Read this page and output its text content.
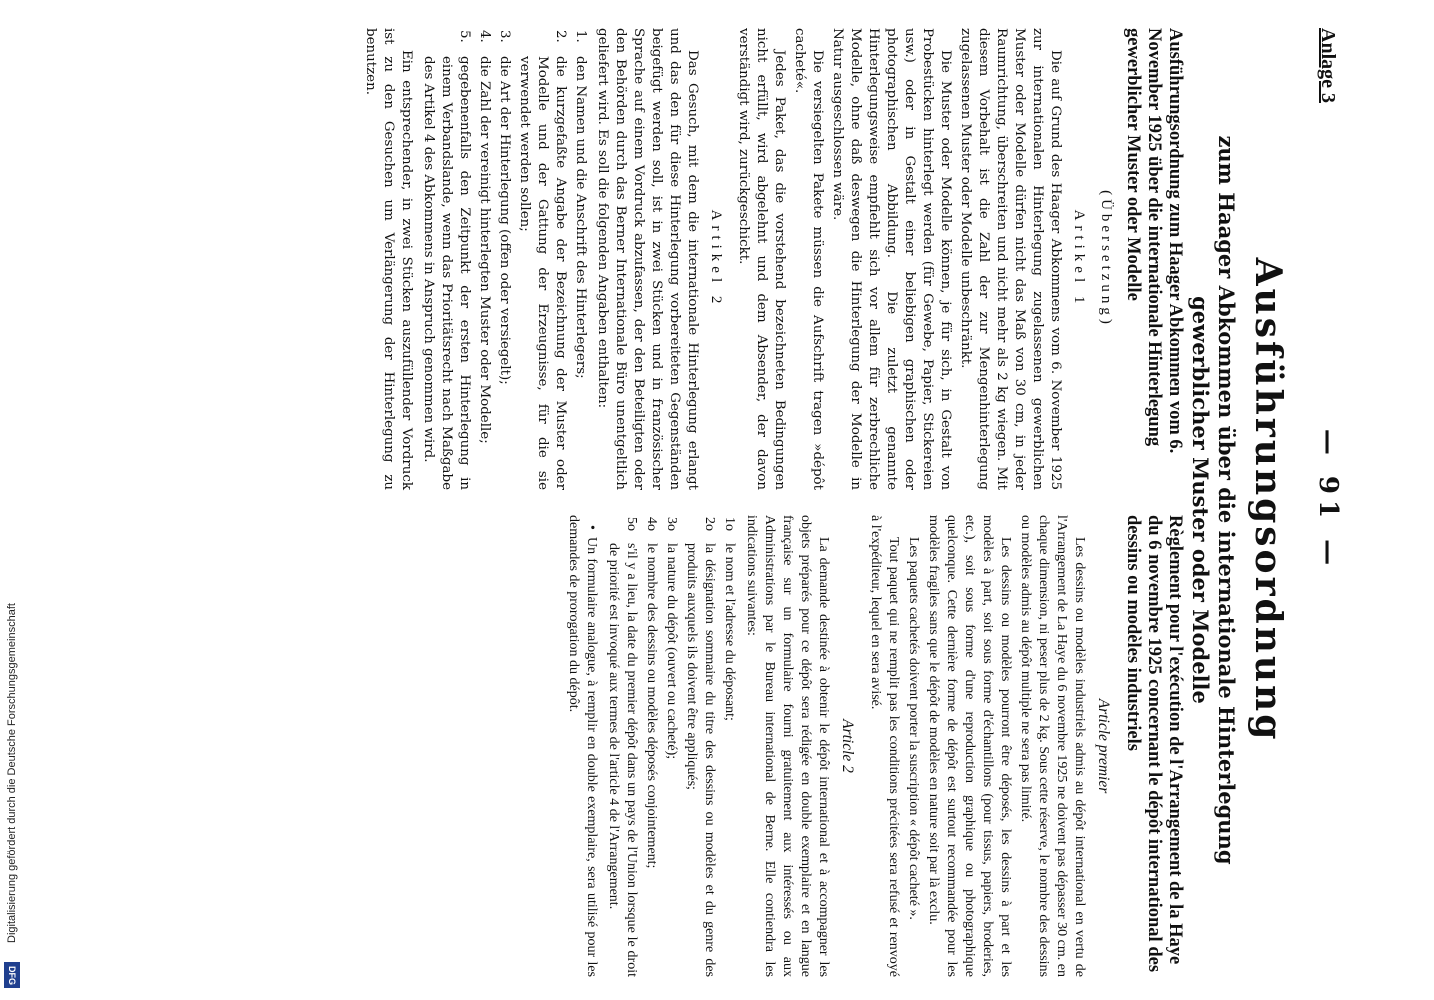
Anlage 3
— 91 —
Ausführungsordnung
zum Haager Abkommen über die internationale Hinterlegung
gewerblicher Muster oder Modelle
Ausführungsordnung zum Haager Abkommen vom 6. November 1925 über die internationale Hinterlegung gewerblicher Muster oder Modelle
(Übersetzung)
Artikel 1

Die auf Grund des Haager Abkommens vom 6. November 1925 zur internationalen Hinterlegung zugelassenen gewerblichen Muster oder Modelle dürfen nicht das Maß von 30 cm, in jeder Raumrichtung, überschreiten und nicht mehr als 2 kg wiegen. Mit diesem Vorbehalt ist die Zahl der zur Mengenhinterlegung zugelassenen Muster oder Modelle unbeschränkt.

Die Muster oder Modelle können, je für sich, in Gestalt von Probestücken hinterlegt werden (für Gewebe, Papier, Stickereien usw.) oder in Gestalt einer beliebigen graphischen oder photographischen Abbildung. Die zuletzt genannte Hinterlegungsweise empfiehlt sich vor allem für zerbrechliche Modelle, ohne daß deswegen die Hinterlegung der Modelle in Natur ausgeschlossen wäre.

Die versiegelten Pakete müssen die Aufschrift tragen »dépôt cacheté«.

Jedes Paket, das die vorstehend bezeichneten Bedingungen nicht erfüllt, wird abgelehnt und dem Absender, der davon verständigt wird, zurückgeschickt.

Artikel 2

Das Gesuch, mit dem die internationale Hinterlegung erlangt und das den für diese Hinterlegung vorbereiteten Gegenständen beigefügt werden soll, ist in zwei Stücken und in französischer Sprache auf einem Vordruck abzufassen, der den Beteiligten oder den Behörden durch das Berner Internationale Büro unentgeltlich geliefert wird. Es soll die folgenden Angaben enthalten:

1.
den Namen und die Anschrift des Hinterlegers;
2.
die kurzgefaßte Angabe der Bezeichnung der Muster oder Modelle und der Gattung der Erzeugnisse, für die sie verwendet werden sollen;
3.
die Art der Hinterlegung (offen oder versiegelt);
4.
die Zahl der vereinigt hinterlegten Muster oder Modelle;
5.
gegebenenfalls den Zeitpunkt der ersten Hinterlegung in einem Verbandslande, wenn das Prioritätsrecht nach Maßgabe des Artikel 4 des Abkommens in Anspruch genommen wird.

Ein entsprechender, in zwei Stücken auszufüllender Vordruck ist zu den Gesuchen um Verlängerung der Hinterlegung zu benutzen.

Règlement pour l'exécution de l'Arrangement de la Haye du 6 novembre 1925 concernant le dépôt international des dessins ou modèles industriels
Article premier

Les dessins ou modèles industriels admis au dépôt international en vertu de l'Arrangement de La Haye du 6 novembre 1925 ne doivent pas dépasser 30 cm. en chaque dimension, ni peser plus de 2 kg. Sous cette réserve, le nombre des dessins ou modèles admis au dépôt multiple ne sera pas limité.

Les dessins ou modèles pourront être déposés, les dessins à part et les modèles à part, soit sous forme d'échantillons (pour tissus, papiers, broderies, etc.), soit sous forme d'une reproduction graphique ou photographique quelconque. Cette dernière forme de dépôt est surtout recommandée pour les modèles fragiles sans que le dépôt de modèles en nature soit par là exclu.

Les paquets cachetés doivent porter la suscription « dépôt cacheté ».

Tout paquet qui ne remplit pas les conditions précitées sera refusé et renvoyé à l'expéditeur, lequel en sera avisé.

Article 2

La demande destinée à obtenir le dépôt international et à accompagner les objets préparés pour ce dépôt sera rédigée en double exemplaire et en langue française sur un formulaire fourni gratuitement aux intéressés ou aux Administrations par le Bureau international de Berne. Elle contiendra les indications suivantes:

1o
le nom et l'adresse du déposant;
2o
la désignation sommaire du titre des dessins ou modèles et du genre des produits auxquels ils doivent être appliqués;
3o
la nature du dépôt (ouvert ou cacheté);
4o
le nombre des dessins ou modèles déposés conjointement;
5o
s'il y a lieu, la date du premier dépôt dans un pays de l'Union lorsque le droit de priorité est invoqué aux termes de l'article 4 de l'Arrangement.

•
Un formulaire analogue, à remplir en double exemplaire, sera utilisé pour les demandes de prorogation du dépôt.

Digitalisierung gefördert durch die Deutsche Forschungsgemeinschaft
DFG
